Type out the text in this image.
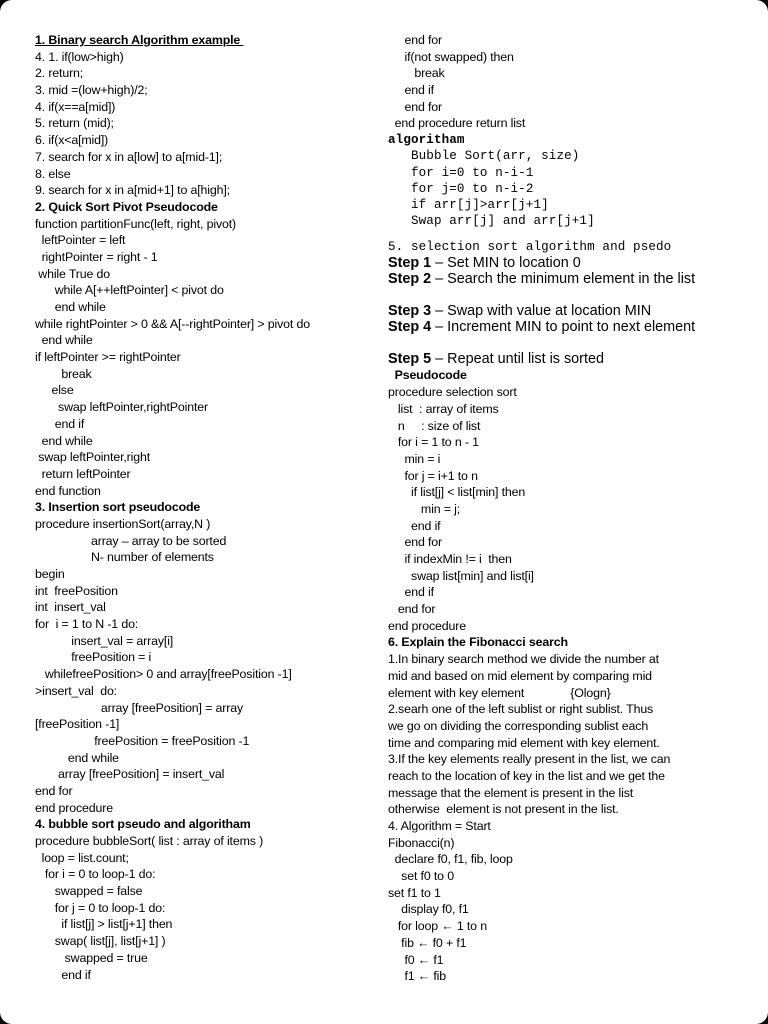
1. Binary search Algorithm example
4. 1. if(low>high)
2. return;
3. mid =(low+high)/2;
4. if(x==a[mid])
5. return (mid);
6. if(x<a[mid])
7. search for x in a[low] to a[mid-1];
8. else
9. search for x in a[mid+1] to a[high];
2. Quick Sort Pivot Pseudocode
function partitionFunc(left, right, pivot)
leftPointer = left
rightPointer = right - 1
while True do
while A[++leftPointer] < pivot do
end while
while rightPointer > 0 && A[--rightPointer] > pivot do
end while
if leftPointer >= rightPointer
break
else
swap leftPointer,rightPointer
end if
end while
swap leftPointer,right
return leftPointer
end function
3. Insertion sort pseudocode
procedure insertionSort(array,N )
array – array to be sorted
N- number of elements
begin
int  freePosition
int  insert_val
for  i = 1 to N -1 do:
insert_val = array[i]
freePosition = i
whilefreePosition> 0 and array[freePosition -1]
>insert_val  do:
array [freePosition] = array
[freePosition -1]
freePosition = freePosition -1
end while
array [freePosition] = insert_val
end for
end procedure
4. bubble sort pseudo and algoritham
procedure bubbleSort( list : array of items )
loop = list.count;
for i = 0 to loop-1 do:
swapped = false
for j = 0 to loop-1 do:
if list[j] > list[j+1] then
swap( list[j], list[j+1] )
swapped = true
end if
end for
if(not swapped) then
break
end if
end for
end procedure return list
algoritham
Bubble Sort(arr, size)
for i=0 to n-i-1
for j=0 to n-i-2
if arr[j]>arr[j+1]
Swap arr[j] and arr[j+1]
5. selection sort algorithm and psedo
Step 1 – Set MIN to location 0
Step 2 – Search the minimum element in the list
Step 3 – Swap with value at location MIN
Step 4 – Increment MIN to point to next element
Step 5 – Repeat until list is sorted
Pseudocode
procedure selection sort
list  : array of items
n     : size of list
for i = 1 to n - 1
min = i
for j = i+1 to n
if list[j] < list[min] then
min = j;
end if
end for
if indexMin != i  then
swap list[min] and list[i]
end if
end for
end procedure
6. Explain the Fibonacci search
1.In binary search method we divide the number at
mid and based on mid element by comparing mid
element with key element              {Ologn}
2.searh one of the left sublist or right sublist. Thus
we go on dividing the corresponding sublist each
time and comparing mid element with key element.
3.If the key elements really present in the list, we can
reach to the location of key in the list and we get the
message that the element is present in the list
otherwise  element is not present in the list.
4. Algorithm = Start
Fibonacci(n)
declare f0, f1, fib, loop
set f0 to 0
set f1 to 1
display f0, f1
for loop ← 1 to n
fib ← f0 + f1
f0 ← f1
f1 ← fib
